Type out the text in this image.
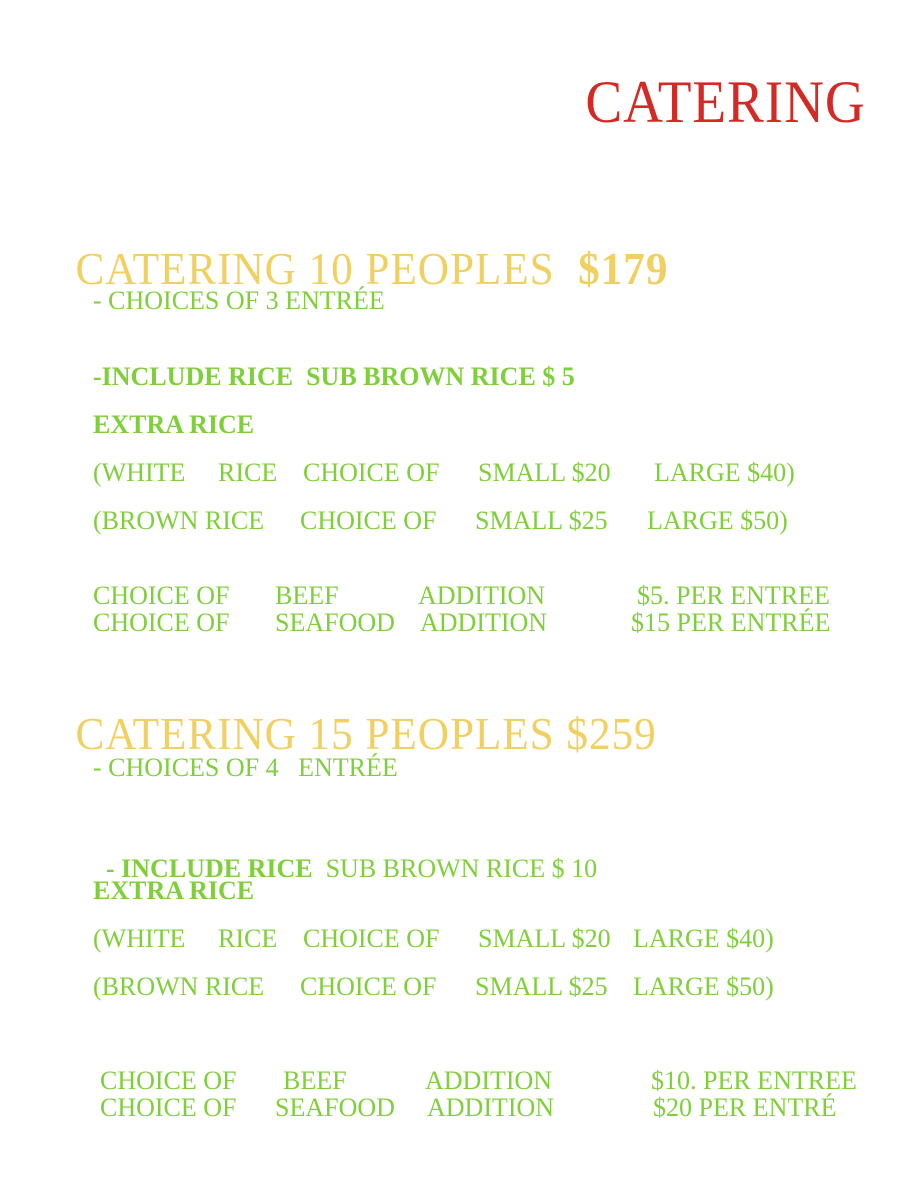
CATERING

CATERING 10 PEOPLES $179

- CHOICES OF 3 ENTRÉE
-INCLUDE RICE  SUB BROWN RICE $ 5
EXTRA RICE
(WHITE RICE CHOICE OF SMALL $20 LARGE $40)
(BROWN RICE CHOICE OF SMALL $25 LARGE $50)
CHOICE OF BEEF	ADDITION	$5. PER ENTREE
CHOICE OF SEAFOOD ADDITION	$15 PER ENTRÉE

CATERING 15 PEOPLES $259

- CHOICES OF 4   ENTRÉE

- INCLUDE RICE SUB BROWN RICE $ 10

EXTRA RICE
(WHITE RICE CHOICE OF SMALL $20 LARGE $40)
(BROWN RICE CHOICE OF SMALL $25 LARGE $50)
CHOICE OF BEEF	ADDITION	$10. PER ENTREE
CHOICE OF SEAFOOD ADDITION	$20 PER ENTRÉ
